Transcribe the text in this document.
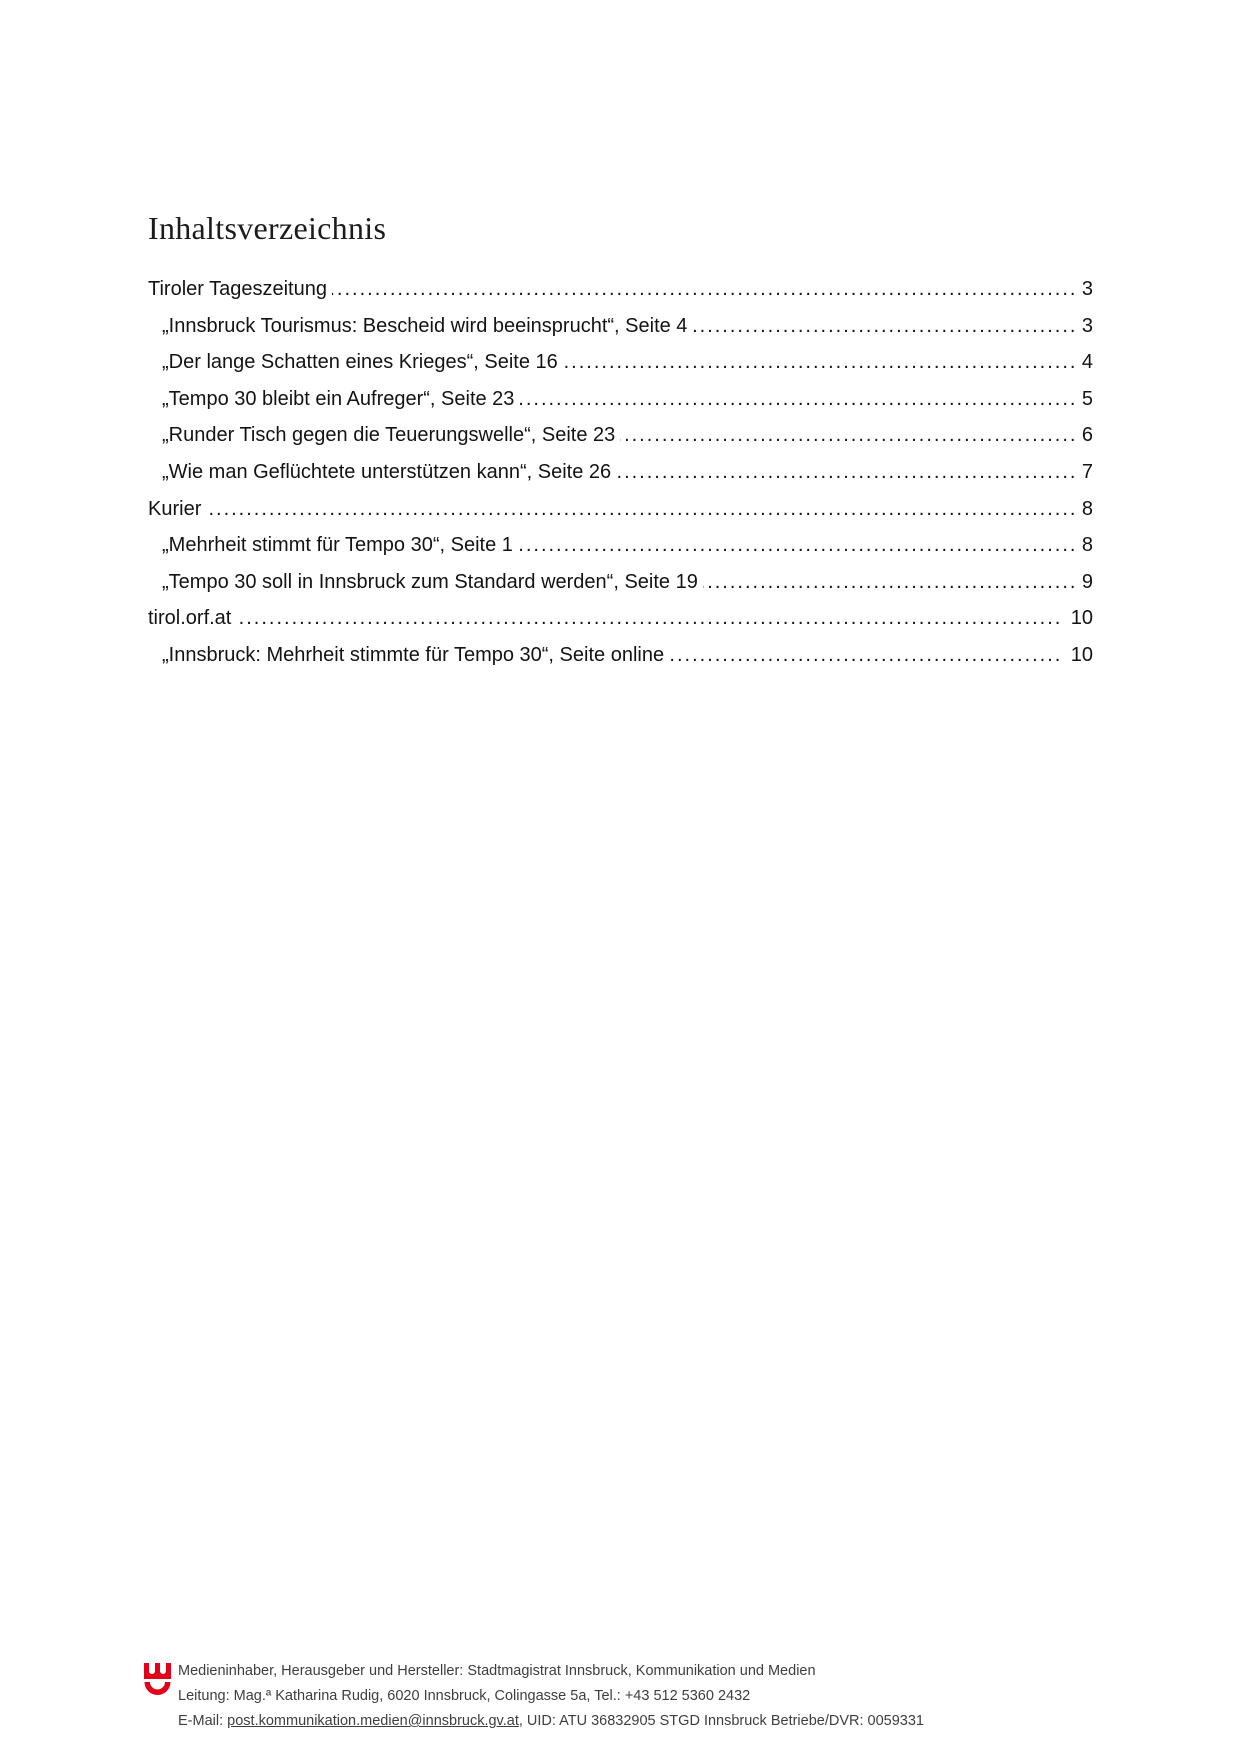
Inhaltsverzeichnis
.....
Tiroler Tageszeitung	3
.....
„Innsbruck Tourismus: Bescheid wird beeinsprucht“, Seite 4	3
.....
„Der lange Schatten eines Krieges“, Seite 16	4
.....
„Tempo 30 bleibt ein Aufreger“, Seite 23	5
.....
„Runder Tisch gegen die Teuerungswelle“, Seite 23	6
.....
„Wie man Geflüchtete unterstützen kann“, Seite 26	7
.....
Kurier	8
.....
„Mehrheit stimmt für Tempo 30“, Seite 1	8
.....
„Tempo 30 soll in Innsbruck zum Standard werden“, Seite 19	9
.....
tirol.orf.at	10
.....
„Innsbruck: Mehrheit stimmte für Tempo 30“, Seite online	10
Medieninhaber, Herausgeber und Hersteller: Stadtmagistrat Innsbruck, Kommunikation und Medien
Leitung: Mag.ª Katharina Rudig, 6020 Innsbruck, Colingasse 5a, Tel.: +43 512 5360 2432
E-Mail: post.kommunikation.medien@innsbruck.gv.at, UID: ATU 36832905 STGD Innsbruck Betriebe/DVR: 0059331
